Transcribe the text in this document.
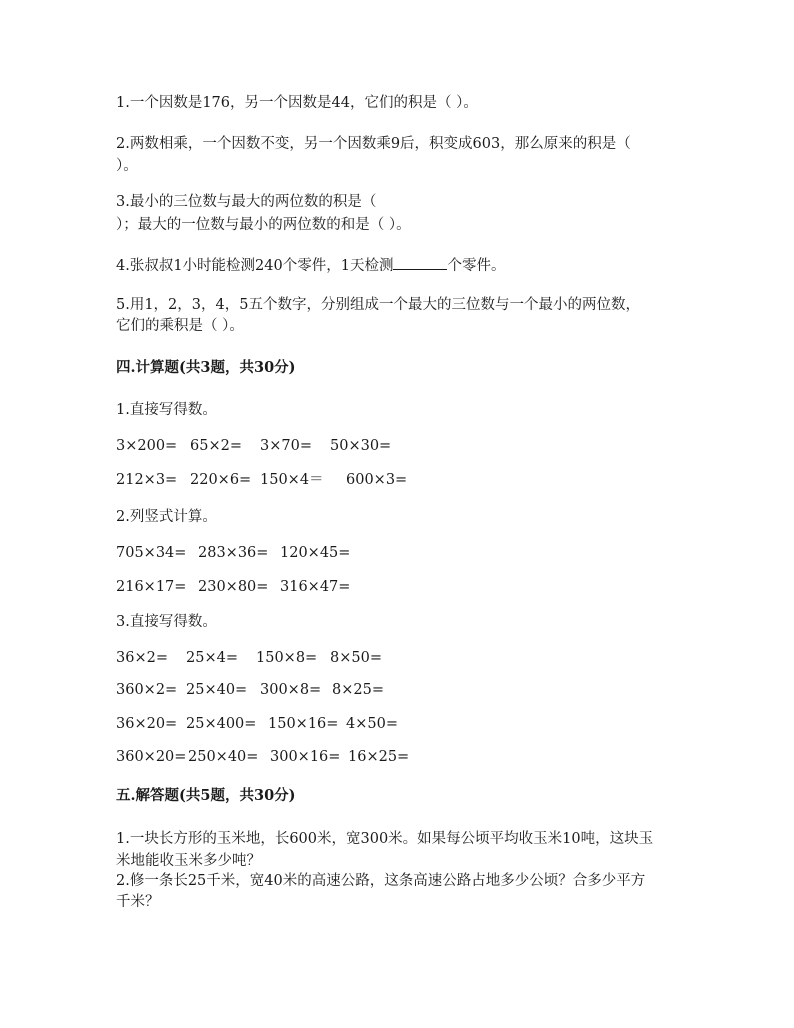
1.一个因数是176，另一个因数是44，它们的积是（ ）。
2.两数相乘，一个因数不变，另一个因数乘9后，积变成603，那么原来的积是（
）。
3.最小的三位数与最大的两位数的积是（
）；最大的一位数与最小的两位数的和是（ ）。
4.张叔叔1小时能检测240个零件，1天检测	个零件。
5.用1，2，3，4，5五个数字，分别组成一个最大的三位数与一个最小的两位数，
它们的乘积是（ ）。
四.计算题(共3题，共30分)
1.直接写得数。
3×200= 65×2= 3×70= 50×30=
212×3= 220×6= 150×4＝ 600×3=
2.列竖式计算。
705×34= 283×36= 120×45=
216×17= 230×80= 316×47=
3.直接写得数。
36×2= 25×4= 150×8= 8×50=
360×2= 25×40= 300×8= 8×25=
36×20= 25×400= 150×16= 4×50=
360×20= 250×40= 300×16= 16×25=
五.解答题(共5题，共30分)
1.一块长方形的玉米地，长600米，宽300米。如果每公顷平均收玉米10吨，这块玉
米地能收玉米多少吨？
2.修一条长25千米，宽40米的高速公路，这条高速公路占地多少公顷？合多少平方
千米？
